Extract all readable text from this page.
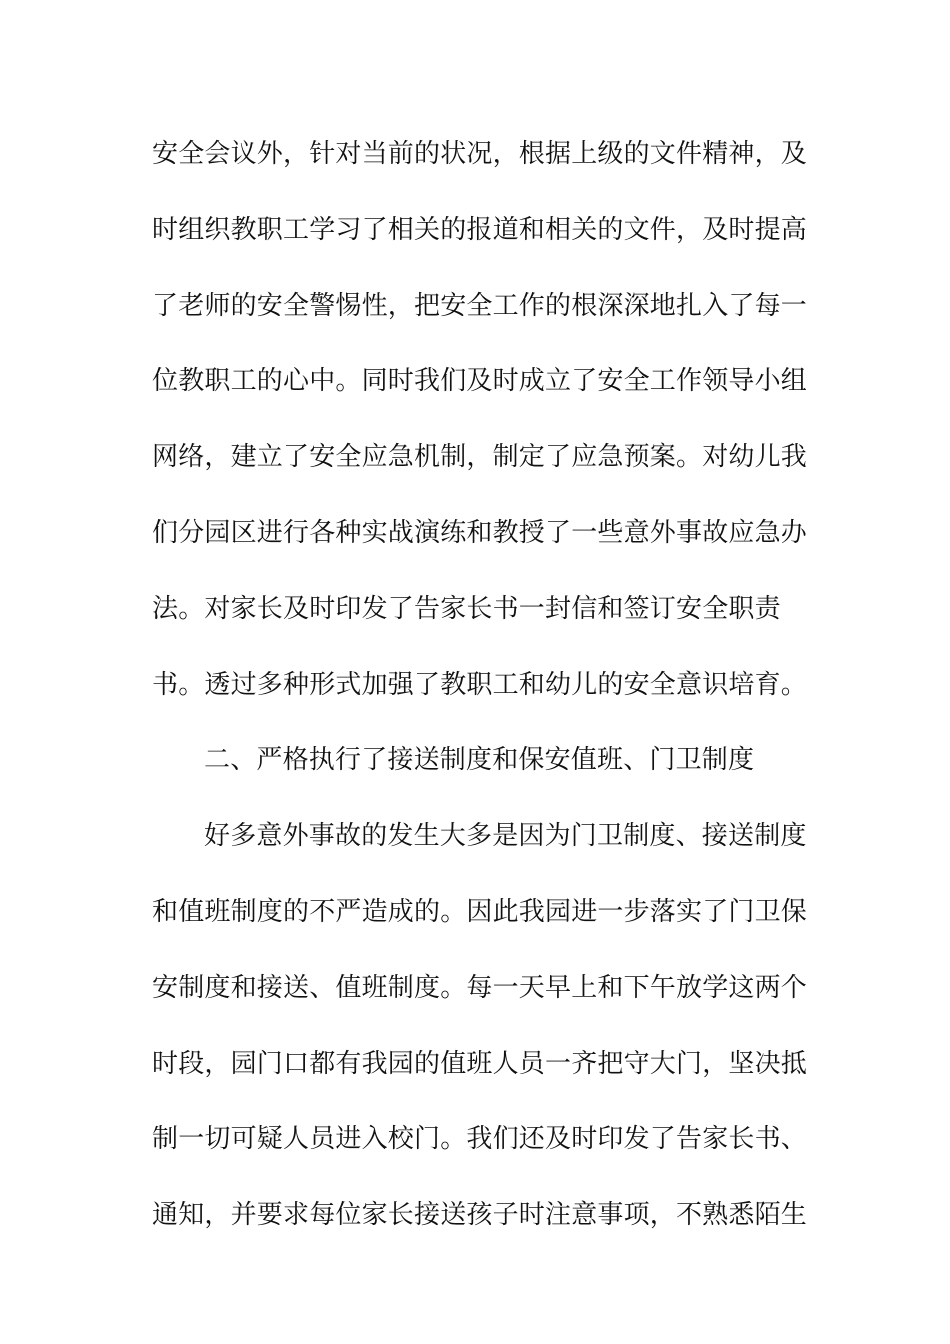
安全会议外，针对当前的状况，根据上级的文件精神，及
时组织教职工学习了相关的报道和相关的文件，及时提高
了老师的安全警惕性，把安全工作的根深深地扎入了每一
位教职工的心中。同时我们及时成立了安全工作领导小组
网络，建立了安全应急机制，制定了应急预案。对幼儿我
们分园区进行各种实战演练和教授了一些意外事故应急办
法。对家长及时印发了告家长书一封信和签订安全职责
书。透过多种形式加强了教职工和幼儿的安全意识培育。
二、严格执行了接送制度和保安值班、门卫制度
好多意外事故的发生大多是因为门卫制度、接送制度
和值班制度的不严造成的。因此我园进一步落实了门卫保
安制度和接送、值班制度。每一天早上和下午放学这两个
时段，园门口都有我园的值班人员一齐把守大门，坚决抵
制一切可疑人员进入校门。我们还及时印发了告家长书、
通知，并要求每位家长接送孩子时注意事项，不熟悉陌生
